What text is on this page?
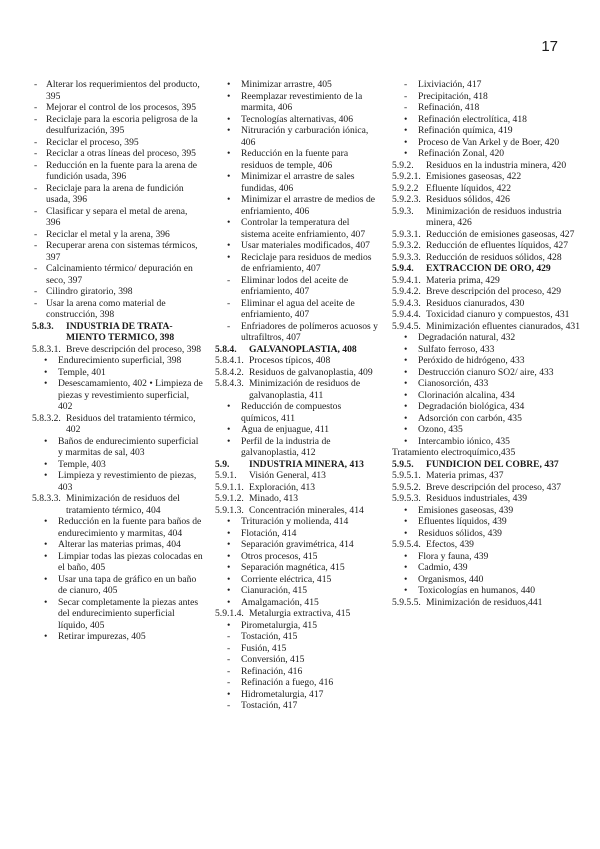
17
- Alterar los requerimientos del producto, 395
- Mejorar el control de los procesos, 395
- Reciclaje para la escoria peligrosa de la desulfurización, 395
- Reciclar el proceso, 395
- Reciclar a otras líneas del proceso, 395
- Reducción en la fuente para la arena de fundición usada, 396
- Reciclaje para la arena de fundición usada, 396
- Clasificar y separa el metal de arena, 396
- Reciclar el metal y la arena, 396
- Recuperar arena con sistemas térmicos, 397
- Calcinamiento térmico/ depuración en seco, 397
- Cilindro giratorio, 398
- Usar la arena como material de construcción, 398
5.8.3. INDUSTRIA DE TRATAMIENTO TERMICO, 398
5.8.3.1. Breve descripción del proceso, 398
• Endurecimiento superficial, 398
• Temple, 401
• Desescamamiento, 402 • Limpieza de piezas y revestimiento superficial, 402
5.8.3.2. Residuos del tratamiento térmico, 402
• Baños de endurecimiento superficial y marmitas de sal, 403
• Temple, 403
• Limpieza y revestimiento de piezas, 403
5.8.3.3. Minimización de residuos del tratamiento térmico, 404
• Reducción en la fuente para baños de endurecimiento y marmitas, 404
• Alterar las materias primas, 404
• Limpiar todas las piezas colocadas en el baño, 405
• Usar una tapa de gráfico en un baño de cianuro, 405
• Secar completamente la piezas antes del endurecimiento superficial líquido, 405
• Retirar impurezas, 405
• Minimizar arrastre, 405
• Reemplazar revestimiento de la marmita, 406
• Tecnologías alternativas, 406
• Nitruración y carburación iónica, 406
• Reducción en la fuente para residuos de temple, 406
• Minimizar el arrastre de sales fundidas, 406
• Minimizar el arrastre de medios de enfriamiento, 406
• Controlar la temperatura del sistema aceite enfriamiento, 407
• Usar materiales modificados, 407
• Reciclaje para residuos de medios de enfriamiento, 407
- Eliminar lodos del aceite de enfriamiento, 407
- Eliminar el agua del aceite de enfriamiento, 407
- Enfriadores de polímeros acuosos y ultrafiltros, 407
5.8.4. GALVANOPLASTIA, 408
5.8.4.1. Procesos típicos, 408
5.8.4.2. Residuos de galvanoplastia, 409
5.8.4.3. Minimización de residuos de galvanoplastia, 411
• Reducción de compuestos químicos, 411
• Agua de enjuague, 411
• Perfil de la industria de galvanoplastia, 412
5.9. INDUSTRIA MINERA, 413
5.9.1. Visión General, 413
5.9.1.1. Exploración, 413
5.9.1.2. Minado, 413
5.9.1.3. Concentración minerales, 414
• Trituración y molienda, 414
• Flotación, 414
• Separación gravimétrica, 414
• Otros procesos, 415
• Separación magnética, 415
• Corriente eléctrica, 415
• Cianuración, 415
• Amalgamación, 415
5.9.1.4. Metalurgia extractiva, 415
• Pirometalurgia, 415
- Tostación, 415
- Fusión, 415
- Conversión, 415
- Refinación, 416
- Refinación a fuego, 416
• Hidrometalurgia, 417
- Tostación, 417
- Lixiviación, 417
- Precipitación, 418
- Refinación, 418
• Refinación electrolítica, 418
• Refinación química, 419
• Proceso de Van Arkel y de Boer, 420
• Refinación Zonal, 420
5.9.2. Residuos en la industria minera, 420
5.9.2.1. Emisiones gaseosas, 422
5.9.2.2 Efluente líquidos, 422
5.9.2.3. Residuos sólidos, 426
5.9.3. Minimización de residuos industria minera, 426
5.9.3.1. Reducción de emisiones gaseosas, 427
5.9.3.2. Reducción de efluentes líquidos, 427
5.9.3.3. Reducción de residuos sólidos, 428
5.9.4. EXTRACCION DE ORO, 429
5.9.4.1. Materia prima, 429
5.9.4.2. Breve descripción del proceso, 429
5.9.4.3. Residuos cianurados, 430
5.9.4.4. Toxicidad cianuro y compuestos, 431
5.9.4.5. Minimización efluentes cianurados, 431
• Degradación natural, 432
• Sulfato ferroso, 433
• Peróxido de hidrógeno, 433
• Destrucción cianuro SO2/ aire, 433
• Cianosorción, 433
• Clorinación alcalina, 434
• Degradación biológica, 434
• Adsorción con carbón, 435
• Ozono, 435
• Intercambio iónico, 435
Tratamiento electroquímico,435
5.9.5. FUNDICION DEL COBRE, 437
5.9.5.1. Materia primas, 437
5.9.5.2. Breve descripción del proceso, 437
5.9.5.3. Residuos industriales, 439
• Emisiones gaseosas, 439
• Efluentes líquidos, 439
• Residuos sólidos, 439
5.9.5.4. Efectos, 439
• Flora y fauna, 439
• Cadmio, 439
• Organismos, 440
• Toxicologías en humanos, 440
5.9.5.5. Minimización de residuos,441
